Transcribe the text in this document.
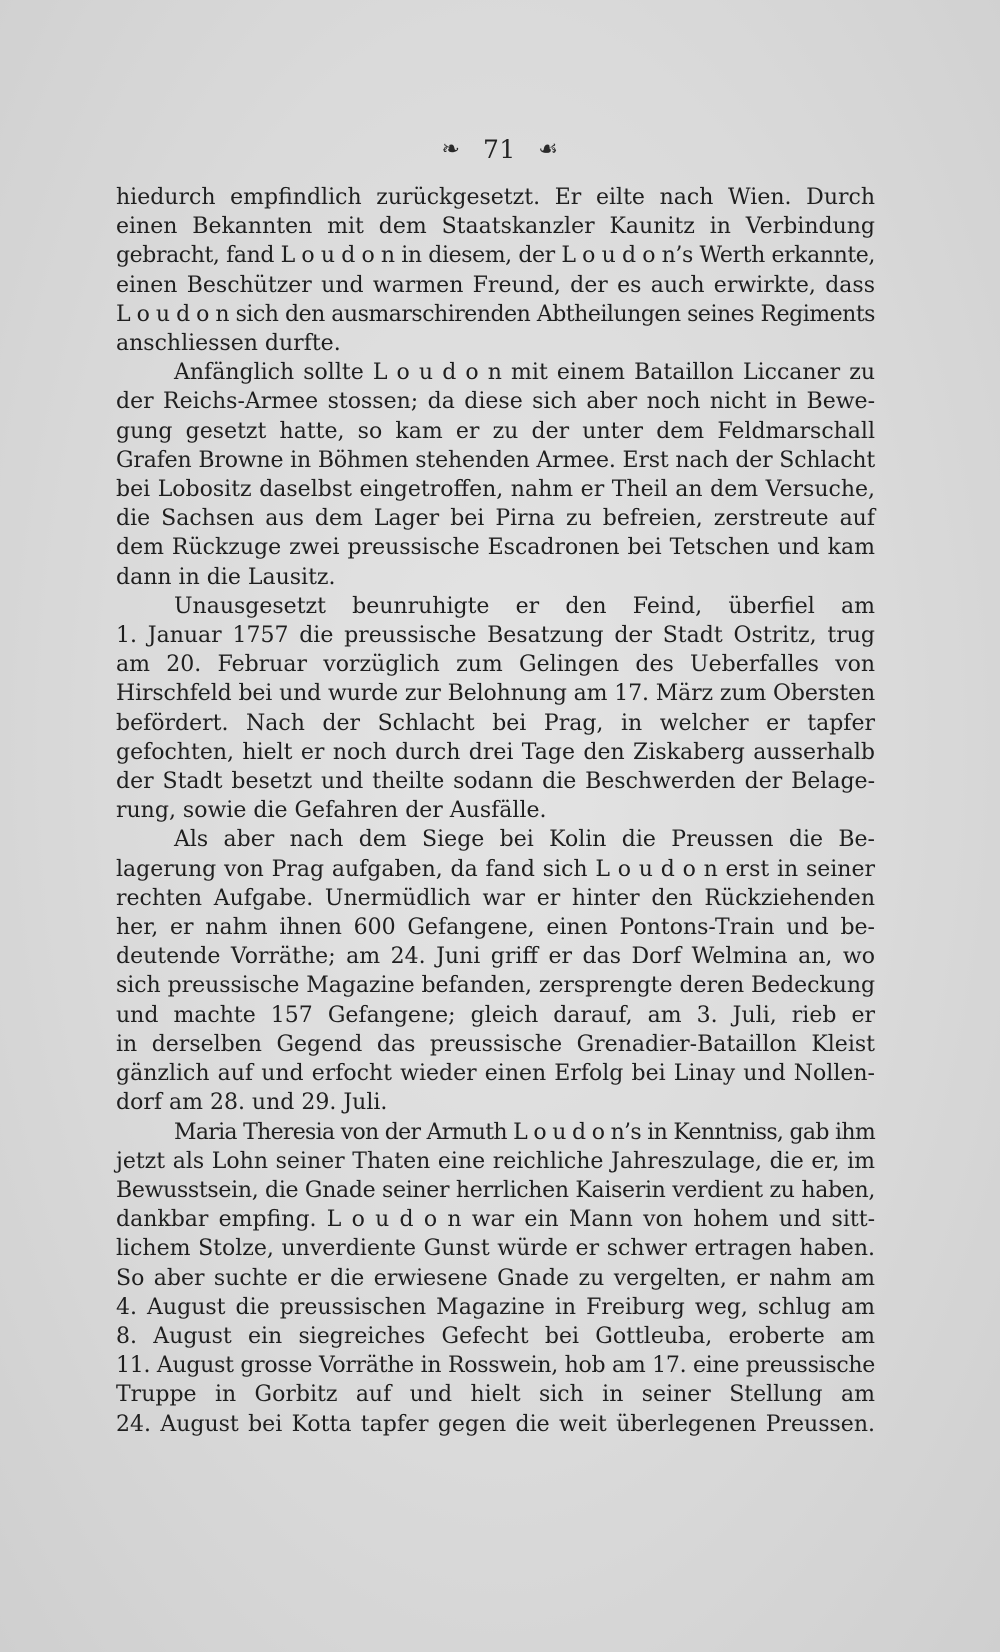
❧ 71 ☙
hiedurch empfindlich zurückgesetzt. Er eilte nach Wien. Durch
einen Bekannten mit dem Staatskanzler Kaunitz in Verbindung
gebracht, fand L o u d o n in diesem, der L o u d o n’s Werth erkannte,
einen Beschützer und warmen Freund, der es auch erwirkte, dass
L o u d o n sich den ausmarschirenden Abtheilungen seines Regiments
anschliessen durfte.
Anfänglich sollte L o u d o n mit einem Bataillon Liccaner zu
der Reichs-Armee stossen; da diese sich aber noch nicht in Bewe-
gung gesetzt hatte, so kam er zu der unter dem Feldmarschall
Grafen Browne in Böhmen stehenden Armee. Erst nach der Schlacht
bei Lobositz daselbst eingetroffen, nahm er Theil an dem Versuche,
die Sachsen aus dem Lager bei Pirna zu befreien, zerstreute auf
dem Rückzuge zwei preussische Escadronen bei Tetschen und kam
dann in die Lausitz.
Unausgesetzt beunruhigte er den Feind, überfiel am
1. Januar 1757 die preussische Besatzung der Stadt Ostritz, trug
am 20. Februar vorzüglich zum Gelingen des Ueberfalles von
Hirschfeld bei und wurde zur Belohnung am 17. März zum Obersten
befördert. Nach der Schlacht bei Prag, in welcher er tapfer
gefochten, hielt er noch durch drei Tage den Ziskaberg ausserhalb
der Stadt besetzt und theilte sodann die Beschwerden der Belage-
rung, sowie die Gefahren der Ausfälle.
Als aber nach dem Siege bei Kolin die Preussen die Be-
lagerung von Prag aufgaben, da fand sich L o u d o n erst in seiner
rechten Aufgabe. Unermüdlich war er hinter den Rückziehenden
her, er nahm ihnen 600 Gefangene, einen Pontons-Train und be-
deutende Vorräthe; am 24. Juni griff er das Dorf Welmina an, wo
sich preussische Magazine befanden, zersprengte deren Bedeckung
und machte 157 Gefangene; gleich darauf, am 3. Juli, rieb er
in derselben Gegend das preussische Grenadier-Bataillon Kleist
gänzlich auf und erfocht wieder einen Erfolg bei Linay und Nollen-
dorf am 28. und 29. Juli.
Maria Theresia von der Armuth L o u d o n’s in Kenntniss, gab ihm
jetzt als Lohn seiner Thaten eine reichliche Jahreszulage, die er, im
Bewusstsein, die Gnade seiner herrlichen Kaiserin verdient zu haben,
dankbar empfing. L o u d o n war ein Mann von hohem und sitt-
lichem Stolze, unverdiente Gunst würde er schwer ertragen haben.
So aber suchte er die erwiesene Gnade zu vergelten, er nahm am
4. August die preussischen Magazine in Freiburg weg, schlug am
8. August ein siegreiches Gefecht bei Gottleuba, eroberte am
11. August grosse Vorräthe in Rosswein, hob am 17. eine preussische
Truppe in Gorbitz auf und hielt sich in seiner Stellung am
24. August bei Kotta tapfer gegen die weit überlegenen Preussen.
